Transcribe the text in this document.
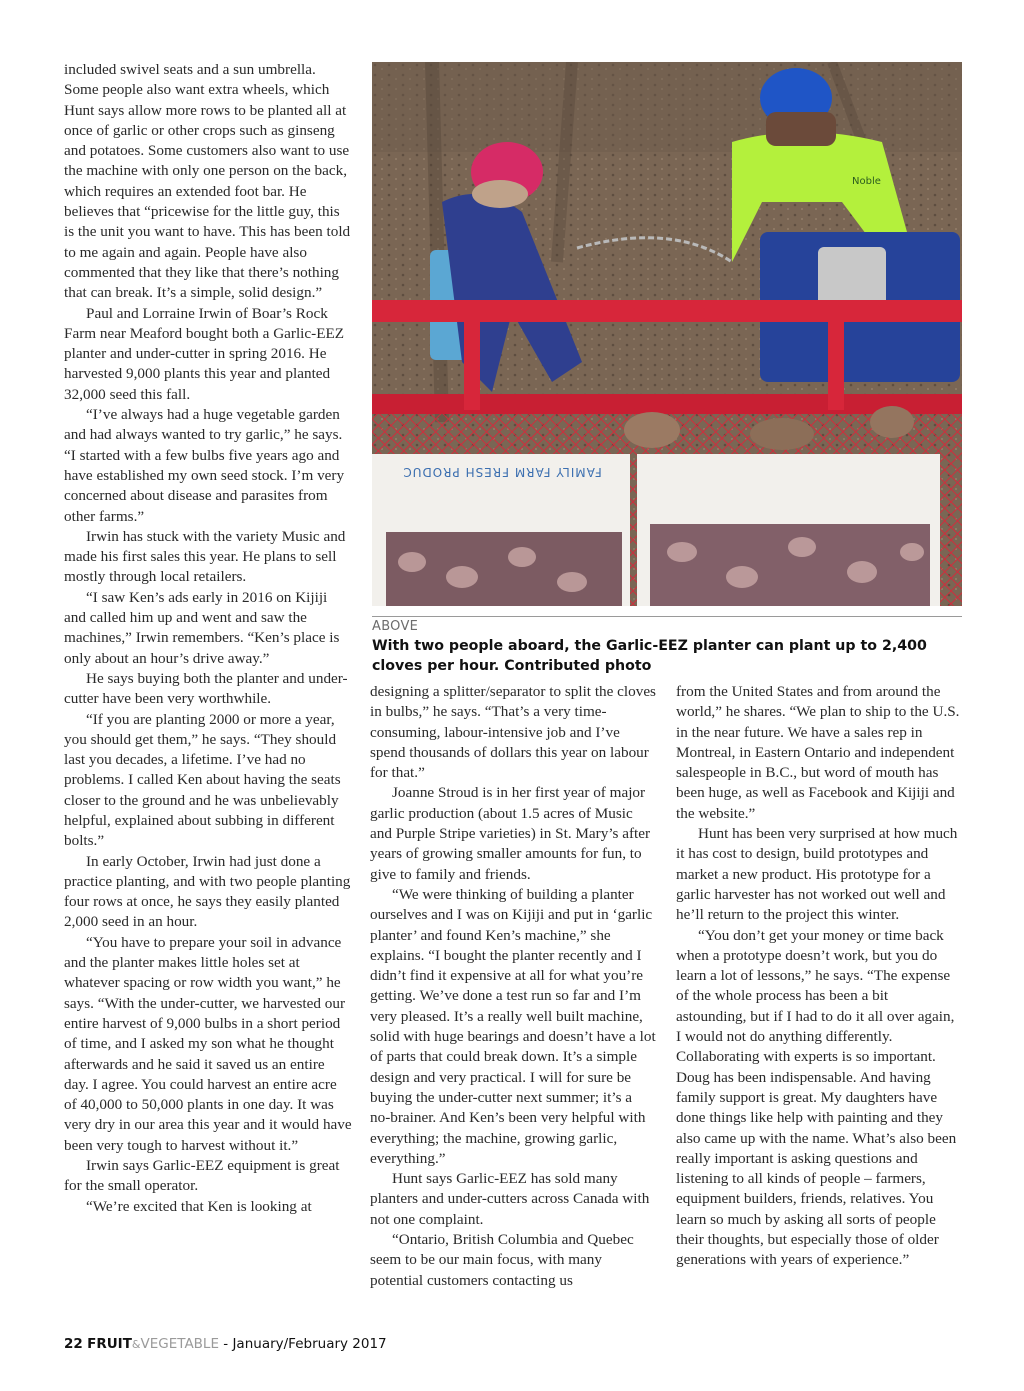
included swivel seats and a sun umbrella. Some people also want extra wheels, which Hunt says allow more rows to be planted all at once of garlic or other crops such as ginseng and potatoes. Some customers also want to use the machine with only one person on the back, which requires an extended foot bar. He believes that “pricewise for the little guy, this is the unit you want to have. This has been told to me again and again. People have also commented that they like that there’s nothing that can break. It’s a simple, solid design.”

Paul and Lorraine Irwin of Boar’s Rock Farm near Meaford bought both a Garlic-EEZ planter and under-cutter in spring 2016. He harvested 9,000 plants this year and planted 32,000 seed this fall.

“I’ve always had a huge vegetable garden and had always wanted to try garlic,” he says. “I started with a few bulbs five years ago and have established my own seed stock. I’m very concerned about disease and parasites from other farms.”

Irwin has stuck with the variety Music and made his first sales this year. He plans to sell mostly through local retailers.

“I saw Ken’s ads early in 2016 on Kijiji and called him up and went and saw the machines,” Irwin remembers. “Ken’s place is only about an hour’s drive away.”

He says buying both the planter and under-cutter have been very worthwhile.

“If you are planting 2000 or more a year, you should get them,” he says. “They should last you decades, a lifetime. I’ve had no problems. I called Ken about having the seats closer to the ground and he was unbelievably helpful, explained about subbing in different bolts.”

In early October, Irwin had just done a practice planting, and with two people planting four rows at once, he says they easily planted 2,000 seed in an hour.

“You have to prepare your soil in advance and the planter makes little holes set at whatever spacing or row width you want,” he says. “With the under-cutter, we harvested our entire harvest of 9,000 bulbs in a short period of time, and I asked my son what he thought afterwards and he said it saved us an entire day. I agree. You could harvest an entire acre of 40,000 to 50,000 plants in one day. It was very dry in our area this year and it would have been very tough to harvest without it.”

Irwin says Garlic-EEZ equipment is great for the small operator.

“We’re excited that Ken is looking at

Noble
FAMILY FARM FRESH PRODUC
ABOVE
With two people aboard, the Garlic-EEZ planter can plant up to 2,400 cloves per hour. Contributed photo

designing a splitter/separator to split the cloves in bulbs,” he says. “That’s a very time-consuming, labour-intensive job and I’ve spend thousands of dollars this year on labour for that.”

Joanne Stroud is in her first year of major garlic production (about 1.5 acres of Music and Purple Stripe varieties) in St. Mary’s after years of growing smaller amounts for fun, to give to family and friends.

“We were thinking of building a planter ourselves and I was on Kijiji and put in ‘garlic planter’ and found Ken’s machine,” she explains. “I bought the planter recently and I didn’t find it expensive at all for what you’re getting. We’ve done a test run so far and I’m very pleased. It’s a really well built machine, solid with huge bearings and doesn’t have a lot of parts that could break down. It’s a simple design and very practical. I will for sure be buying the under-cutter next summer; it’s a no-brainer. And Ken’s been very helpful with everything; the machine, growing garlic, everything.”

Hunt says Garlic-EEZ has sold many planters and under-cutters across Canada with not one complaint.

“Ontario, British Columbia and Quebec seem to be our main focus, with many potential customers contacting us

from the United States and from around the world,” he shares. “We plan to ship to the U.S. in the near future. We have a sales rep in Montreal, in Eastern Ontario and independent salespeople in B.C., but word of mouth has been huge, as well as Facebook and Kijiji and the website.”

Hunt has been very surprised at how much it has cost to design, build prototypes and market a new product. His prototype for a garlic harvester has not worked out well and he’ll return to the project this winter.

“You don’t get your money or time back when a prototype doesn’t work, but you do learn a lot of lessons,” he says. “The expense of the whole process has been a bit astounding, but if I had to do it all over again, I would not do anything differently. Collaborating with experts is so important. Doug has been indispensable. And having family support is great. My daughters have done things like help with painting and they also came up with the name. What’s also been really important is asking questions and listening to all kinds of people – farmers, equipment builders, friends, relatives. You learn so much by asking all sorts of people their thoughts, but especially those of older generations with years of experience.”

22 FRUIT&VEGETABLE - January/February 2017
